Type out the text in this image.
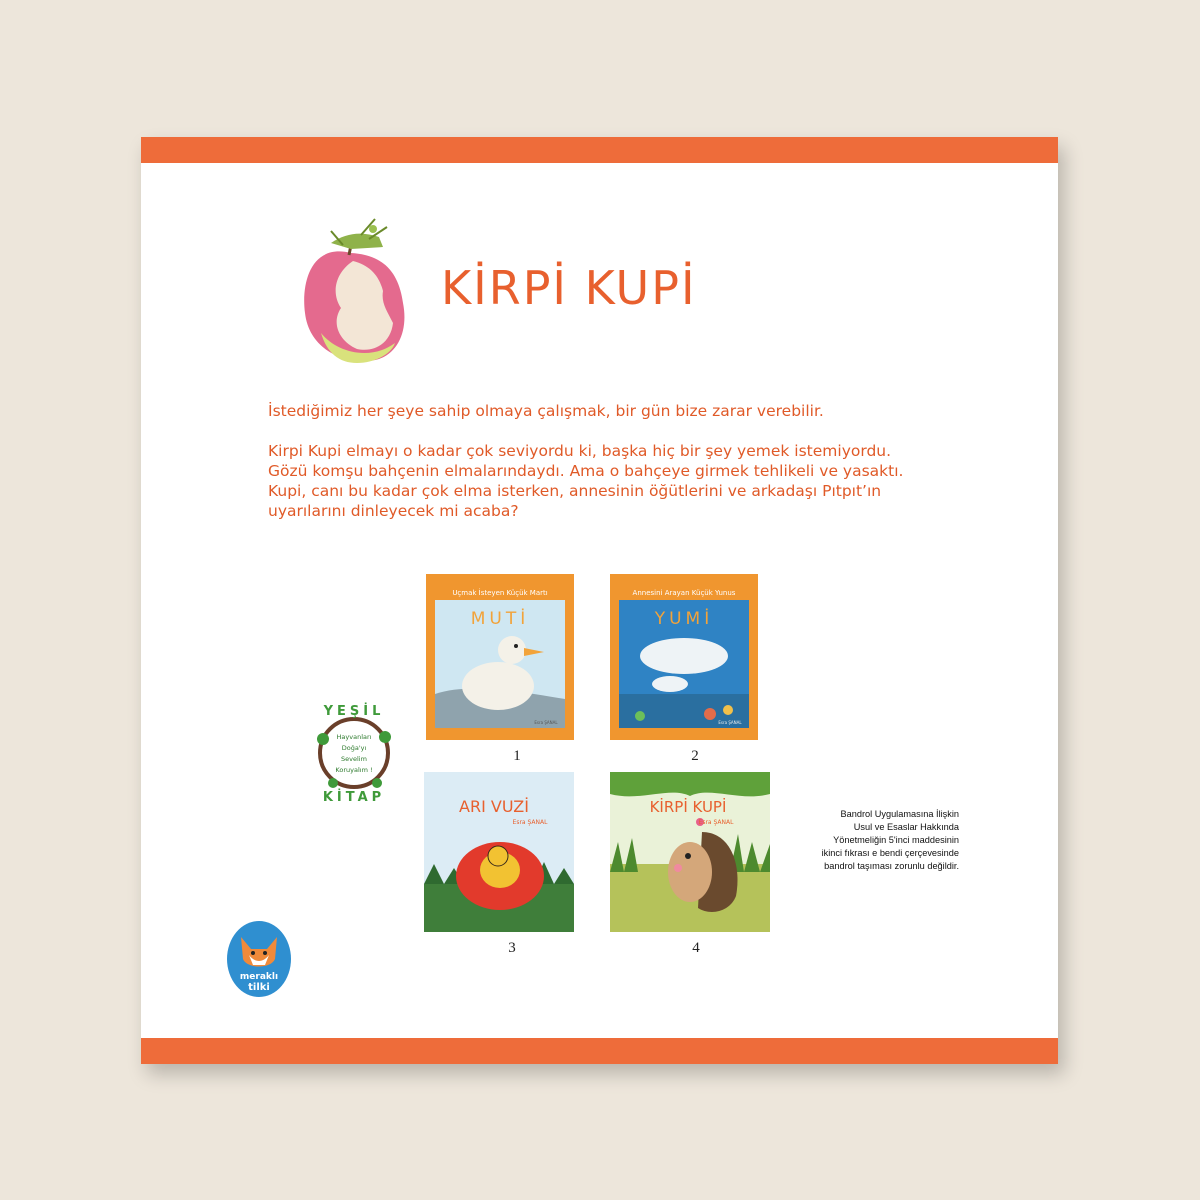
KİRPİ KUPİ

İstediğimiz her şeye sahip olmaya çalışmak, bir gün bize zarar verebilir.

Kirpi Kupi elmayı o kadar çok seviyordu ki, başka hiç bir şey yemek istemiyordu.
Gözü komşu bahçenin elmalarındaydı. Ama o bahçeye girmek tehlikeli ve yasaktı.
Kupi, canı bu kadar çok elma isterken, annesinin öğütlerini ve arkadaşı Pıtpıt’ın
uyarılarını dinleyecek mi acaba?

Uçmak İsteyen Küçük Martı
MUTİ
Esra ŞANAL
1
Annesini Arayan Küçük Yunus
YUMİ
Esra ŞANAL
2
ARI VUZİ
Esra ŞANAL
3
KİRPİ KUPİ
Esra ŞANAL
4
YEŞİL
KİTAP
Hayvanları
Doğa'yı
Sevelim
Koruyalım !
meraklı
tilki
Bandrol Uygulamasına İlişkin
Usul ve Esaslar Hakkında
Yönetmeliğin 5'inci maddesinin
ikinci fıkrası e bendi çerçevesinde
bandrol taşıması zorunlu değildir.
